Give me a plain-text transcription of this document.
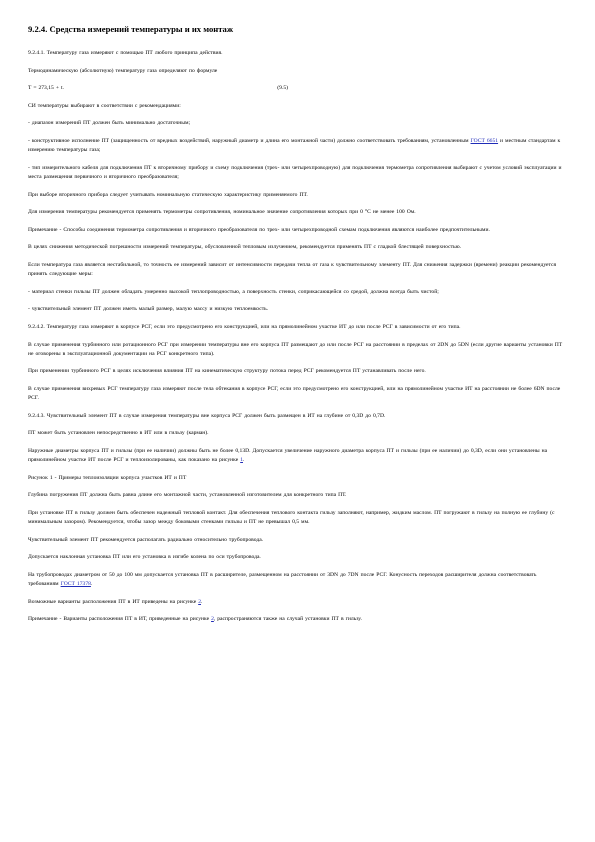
9.2.4. Средства измерений температуры и их монтаж

9.2.4.1. Температуру газа измеряют с помощью ПТ любого принципа действия.

Термодинамическую (абсолютную) температуру газа определяют по формуле

T = 273,15 + t.	(9.5)

СИ температуры выбирают в соответствии с рекомендациями:

- диапазон измерений ПТ должен быть минимально достаточным;

- конструктивное исполнение ПТ (защищенность от вредных воздействий, наружный диаметр и длина его монтажной части) должно соответствовать требованиям, установленным ГОСТ 6651 и местным стандартам к измерению температуры газа;

- тип измерительного кабеля для подключения ПТ к вторичному прибору и схему подключения (трех- или четырехпроводную) для подключения термометра сопротивления выбирают с учетом условий эксплуатации и места размещения первичного и вторичного преобразователя;

При выборе вторичного прибора следует учитывать номинальную статическую характеристику применяемого ПТ.

Для измерения температуры рекомендуется применять термометры сопротивления, номинальное значение сопротивления которых при 0 °С не менее 100 Ом.

Примечание - Способы соединения термометра сопротивления и вторичного преобразователя по трех- или четырехпроводной схемам подключения являются наиболее предпочтительными.

В целях снижения методической погрешности измерений температуры, обусловленной тепловым излучением, рекомендуется применять ПТ с гладкой блестящей поверхностью.

Если температура газа является нестабильной, то точность ее измерений зависит от интенсивности передачи тепла от газа к чувствительному элементу ПТ. Для снижения задержки (времени) реакции рекомендуется принять следующие меры:

- материал стенки гильзы ПТ должен обладать умеренно высокой теплопроводностью, а поверхность стенки, соприкасающейся со средой, должна всегда быть чистой;

- чувствительный элемент ПТ должен иметь малый размер, малую массу и низкую теплоемкость.

9.2.4.2. Температуру газа измеряют в корпусе РСГ, если это предусмотрено его конструкцией, или на прямолинейном участке ИТ до или после РСГ в зависимости от его типа.

В случае применения турбинного или ротационного РСГ при измерении температуры вне его корпуса ПТ размещают до или после РСГ на расстоянии в пределах от 2DN до 5DN (если другие варианты установки ПТ не оговорены в эксплуатационной документации на РСГ конкретного типа).

При применении турбинного РСГ в целях исключения влияния ПТ на кинематическую структуру потока перед РСГ рекомендуется ПТ устанавливать после него.

В случае применения вихревых РСГ температуру газа измеряют после тела обтекания в корпусе РСГ, если это предусмотрено его конструкцией, или на прямолинейном участке ИТ на расстоянии не более 6DN после РСГ.

9.2.4.3. Чувствительный элемент ПТ в случае измерения температуры вне корпуса РСГ должен быть размещен в ИТ на глубине от 0,3D до 0,7D.

ПТ может быть установлен непосредственно в ИТ или в гильзу (карман).

Наружные диаметры корпуса ПТ и гильзы (при ее наличии) должны быть не более 0,13D. Допускается увеличение наружного диаметра корпуса ПТ и гильзы (при ее наличии) до 0,3D, если они установлены на прямолинейном участке ИТ после РСГ и теплоизолированы, как показано на рисунке 1.

Рисунок 1 - Примеры теплоизоляции корпуса участков ИТ и ПТ

Глубина погружения ПТ должна быть равна длине его монтажной части, установленной изготовителем для конкретного типа ПТ.

При установке ПТ в гильзу должен быть обеспечен надежный тепловой контакт. Для обеспечения теплового контакта гильзу заполняют, например, жидким маслом. ПТ погружают в гильзу на полную ее глубину (с минимальным зазором). Рекомендуется, чтобы зазор между боковыми стенками гильзы и ПТ не превышал 0,5 мм.

Чувствительный элемент ПТ рекомендуется располагать радиально относительно трубопровода.

Допускается наклонная установка ПТ или его установка в изгибе колена по оси трубопровода.

На трубопроводах диаметром от 50 до 100 мм допускается установка ПТ в расширителе, размещенном на расстоянии от 3DN до 7DN после РСГ. Конусность переходов расширителя должна соответствовать требованиям ГОСТ 17378.

Возможные варианты расположения ПТ в ИТ приведены на рисунке 2.

Примечание - Варианты расположения ПТ в ИТ, приведенные на рисунке 2, распространяются также на случай установки ПТ в гильзу.
